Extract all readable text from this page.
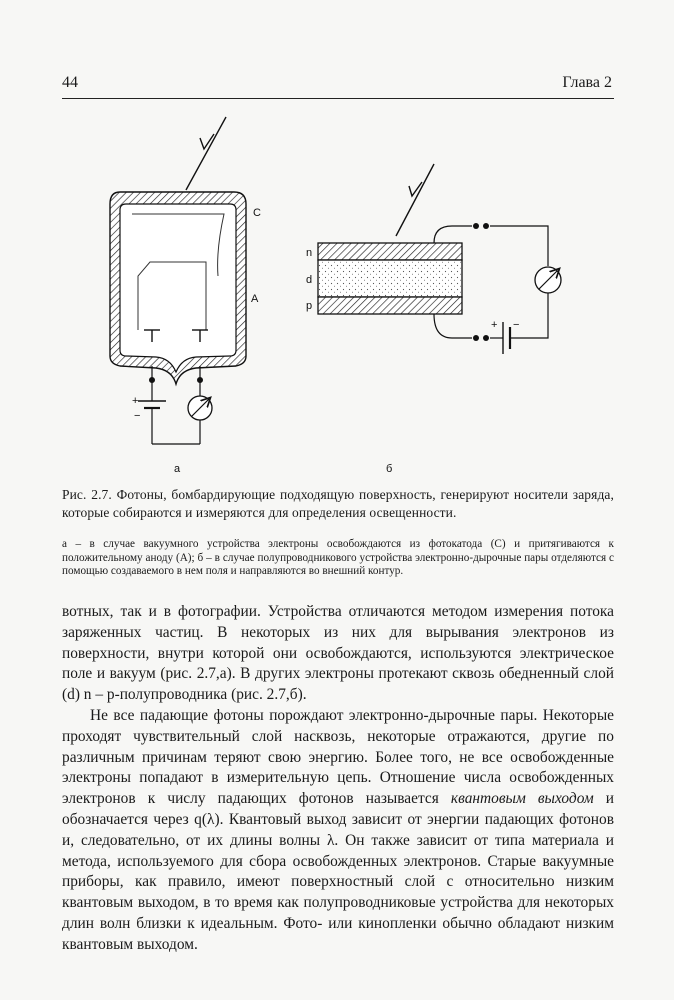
44	Глава 2
C
A
+
−
а
n
d
p
+ −
б
Рис. 2.7. Фотоны, бомбардирующие подходящую поверхность, генерируют носители заряда, которые собираются и измеряются для определения освещенности.
а – в случае вакуумного устройства электроны освобождаются из фотокатода (С) и притягиваются к положительному аноду (А); б – в случае полупроводникового устройства электронно-дырочные пары отделяются с помощью создаваемого в нем поля и направляются во внешний контур.

вотных, так и в фотографии. Устройства отличаются методом измерения потока заряженных частиц. В некоторых из них для вырывания электронов из поверхности, внутри которой они освобождаются, используются электрическое поле и вакуум (рис. 2.7,а). В других электроны протекают сквозь обедненный слой (d) n – p-полупроводника (рис. 2.7,б).

Не все падающие фотоны порождают электронно-дырочные пары. Некоторые проходят чувствительный слой насквозь, некоторые отражаются, другие по различным причинам теряют свою энергию. Более того, не все освобожденные электроны попадают в измерительную цепь. Отношение числа освобожденных электронов к числу падающих фотонов называется квантовым выходом и обозначается через q(λ). Квантовый выход зависит от энергии падающих фотонов и, следовательно, от их длины волны λ. Он также зависит от типа материала и метода, используемого для сбора освобожденных электронов. Старые вакуумные приборы, как правило, имеют поверхностный слой с относительно низким квантовым выходом, в то время как полупроводниковые устройства для некоторых длин волн близки к идеальным. Фото- или кинопленки обычно обладают низким квантовым выходом.
